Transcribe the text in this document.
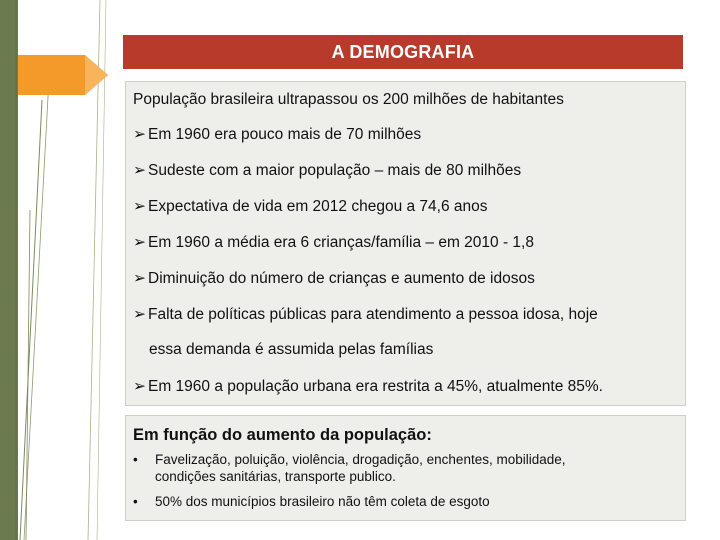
A DEMOGRAFIA
População brasileira ultrapassou os 200 milhões de habitantes
➢ Em 1960 era pouco mais de 70 milhões
➢ Sudeste com a maior população – mais de 80 milhões
➢ Expectativa de vida em 2012 chegou a 74,6 anos
➢ Em 1960 a média era 6 crianças/família – em 2010 - 1,8
➢ Diminuição do número de crianças e aumento de idosos
➢ Falta de políticas públicas para atendimento a pessoa idosa, hoje
essa demanda é assumida pelas famílias
➢ Em 1960 a população urbana era restrita a 45%, atualmente 85%.
Em função do aumento da população:
• Favelização, poluição, violência, drogadição, enchentes, mobilidade,
condições sanitárias, transporte publico.
• 50% dos municípios brasileiro não têm coleta de esgoto
